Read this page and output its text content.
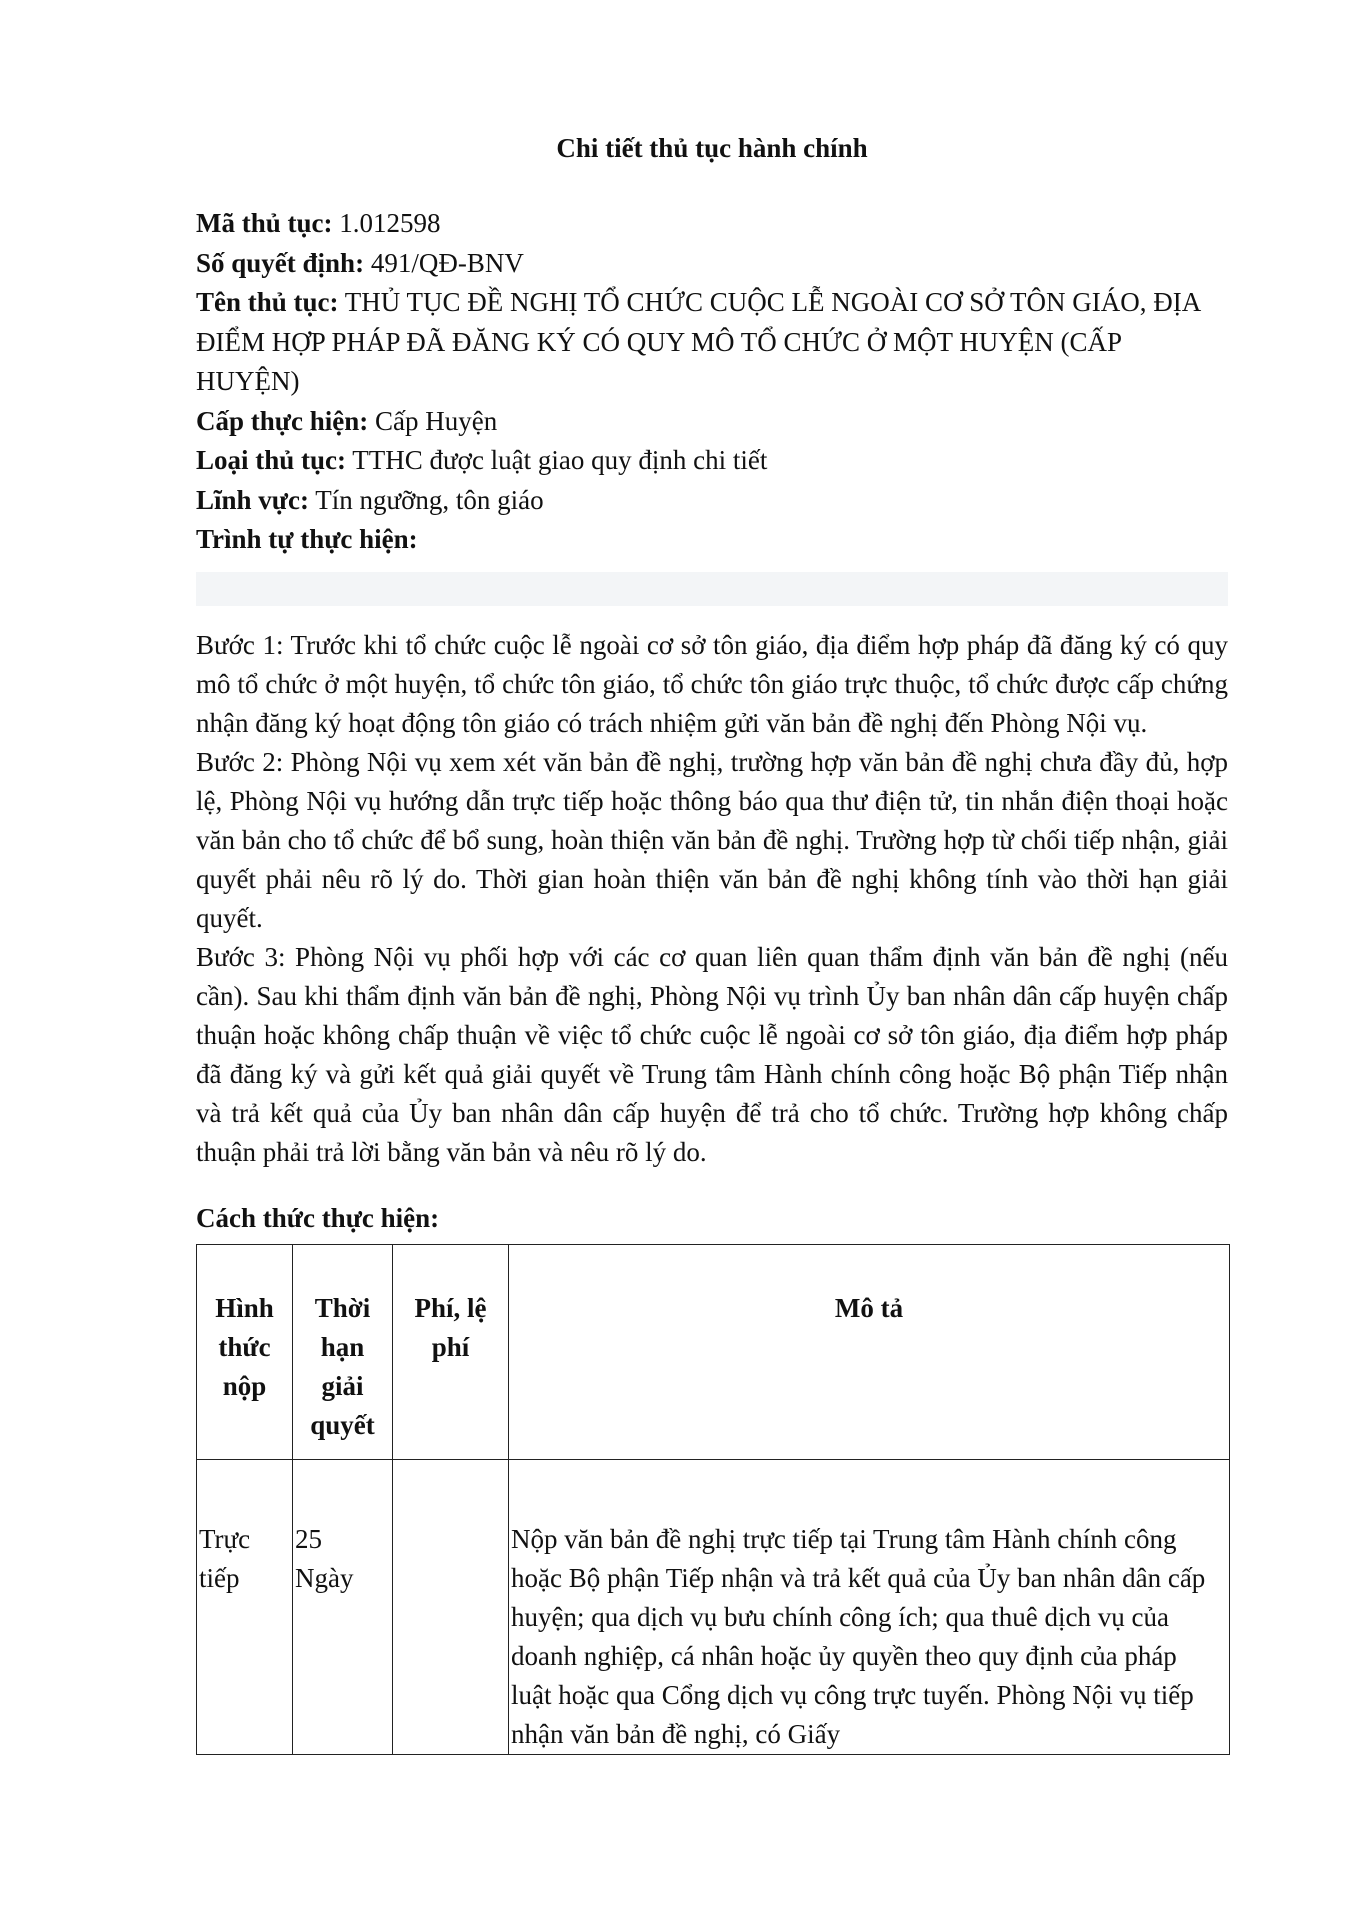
Chi tiết thủ tục hành chính

Mã thủ tục: 1.012598

Số quyết định: 491/QĐ-BNV

Tên thủ tục: THỦ TỤC ĐỀ NGHỊ TỔ CHỨC CUỘC LỄ NGOÀI CƠ SỞ TÔN GIÁO, ĐỊA ĐIỂM HỢP PHÁP ĐÃ ĐĂNG KÝ CÓ QUY MÔ TỔ CHỨC Ở MỘT HUYỆN (CẤP HUYỆN)

Cấp thực hiện: Cấp Huyện

Loại thủ tục: TTHC được luật giao quy định chi tiết

Lĩnh vực: Tín ngưỡng, tôn giáo

Trình tự thực hiện:

Bước 1: Trước khi tổ chức cuộc lễ ngoài cơ sở tôn giáo, địa điểm hợp pháp đã đăng ký có quy mô tổ chức ở một huyện, tổ chức tôn giáo, tổ chức tôn giáo trực thuộc, tổ chức được cấp chứng nhận đăng ký hoạt động tôn giáo có trách nhiệm gửi văn bản đề nghị đến Phòng Nội vụ.

Bước 2: Phòng Nội vụ xem xét văn bản đề nghị, trường hợp văn bản đề nghị chưa đầy đủ, hợp lệ, Phòng Nội vụ hướng dẫn trực tiếp hoặc thông báo qua thư điện tử, tin nhắn điện thoại hoặc văn bản cho tổ chức để bổ sung, hoàn thiện văn bản đề nghị. Trường hợp từ chối tiếp nhận, giải quyết phải nêu rõ lý do. Thời gian hoàn thiện văn bản đề nghị không tính vào thời hạn giải quyết.

Bước 3: Phòng Nội vụ phối hợp với các cơ quan liên quan thẩm định văn bản đề nghị (nếu cần). Sau khi thẩm định văn bản đề nghị, Phòng Nội vụ trình Ủy ban nhân dân cấp huyện chấp thuận hoặc không chấp thuận về việc tổ chức cuộc lễ ngoài cơ sở tôn giáo, địa điểm hợp pháp đã đăng ký và gửi kết quả giải quyết về Trung tâm Hành chính công hoặc Bộ phận Tiếp nhận và trả kết quả của Ủy ban nhân dân cấp huyện để trả cho tổ chức. Trường hợp không chấp thuận phải trả lời bằng văn bản và nêu rõ lý do.

Cách thức thực hiện:

Hình thức nộp	Thời hạn giải quyết	Phí, lệ phí	Mô tả

Trực tiếp	25 Ngày		Nộp văn bản đề nghị trực tiếp tại Trung tâm Hành chính công hoặc Bộ phận Tiếp nhận và trả kết quả của Ủy ban nhân dân cấp huyện; qua dịch vụ bưu chính công ích; qua thuê dịch vụ của doanh nghiệp, cá nhân hoặc ủy quyền theo quy định của pháp luật hoặc qua Cổng dịch vụ công trực tuyến. Phòng Nội vụ tiếp nhận văn bản đề nghị, có Giấy
